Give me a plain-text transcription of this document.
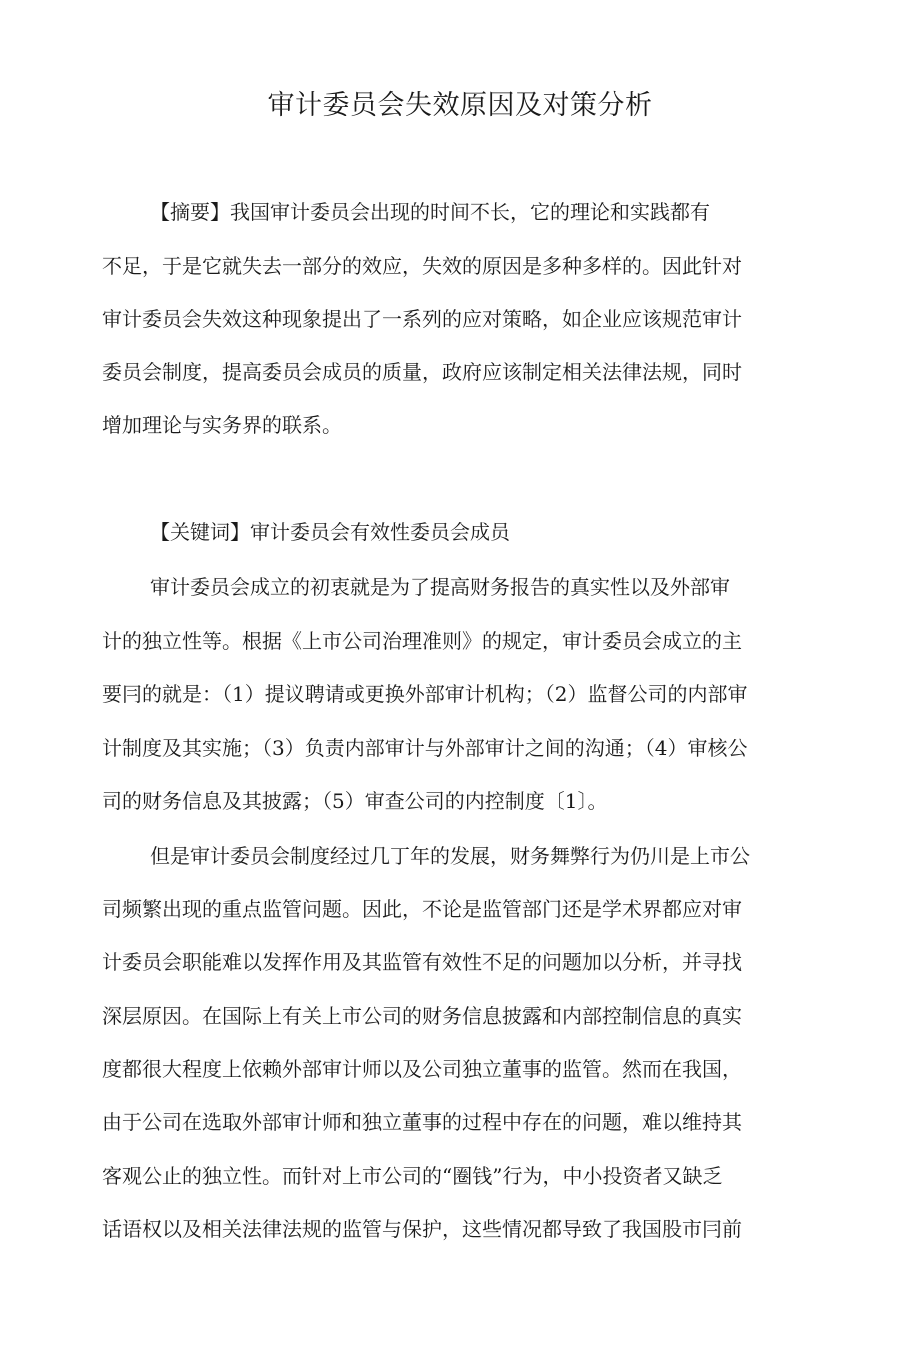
审计委员会失效原因及对策分析

【摘要】我国审计委员会出现的时间不长，它的理论和实践都有

不足，于是它就失去一部分的效应，失效的原因是多种多样的。因此针对

审计委员会失效这种现象提出了一系列的应对策略，如企业应该规范审计

委员会制度，提高委员会成员的质量，政府应该制定相关法律法规，同时

增加理论与实务界的联系。

【关键词】审计委员会有效性委员会成员

审计委员会成立的初衷就是为了提高财务报告的真实性以及外部审

计的独立性等。根据《上市公司治理准则》的规定，审计委员会成立的主

要冃的就是：（1）提议聘请或更换外部审计机构；（2）监督公司的内部审

计制度及其实施；（3）负责内部审计与外部审计之间的沟通；（4）审核公

司的财务信息及其披露；（5）审查公司的内控制度〔1〕。

但是审计委员会制度经过几丁年的发展，财务舞弊行为仍川是上市公

司频繁出现的重点监管问题。因此，不论是监管部门还是学术界都应对审

计委员会职能难以发挥作用及其监管有效性不足的问题加以分析，并寻找

深层原因。在国际上有关上市公司的财务信息披露和内部控制信息的真实

度都很大程度上依赖外部审计师以及公司独立董事的监管。然而在我国，

由于公司在选取外部审计师和独立董事的过程中存在的问题，难以维持其

客观公止的独立性。而针对上市公司的“圈钱”行为，中小投资者又缺乏

话语权以及相关法律法规的监管与保护，这些情况都导致了我国股市冃前
